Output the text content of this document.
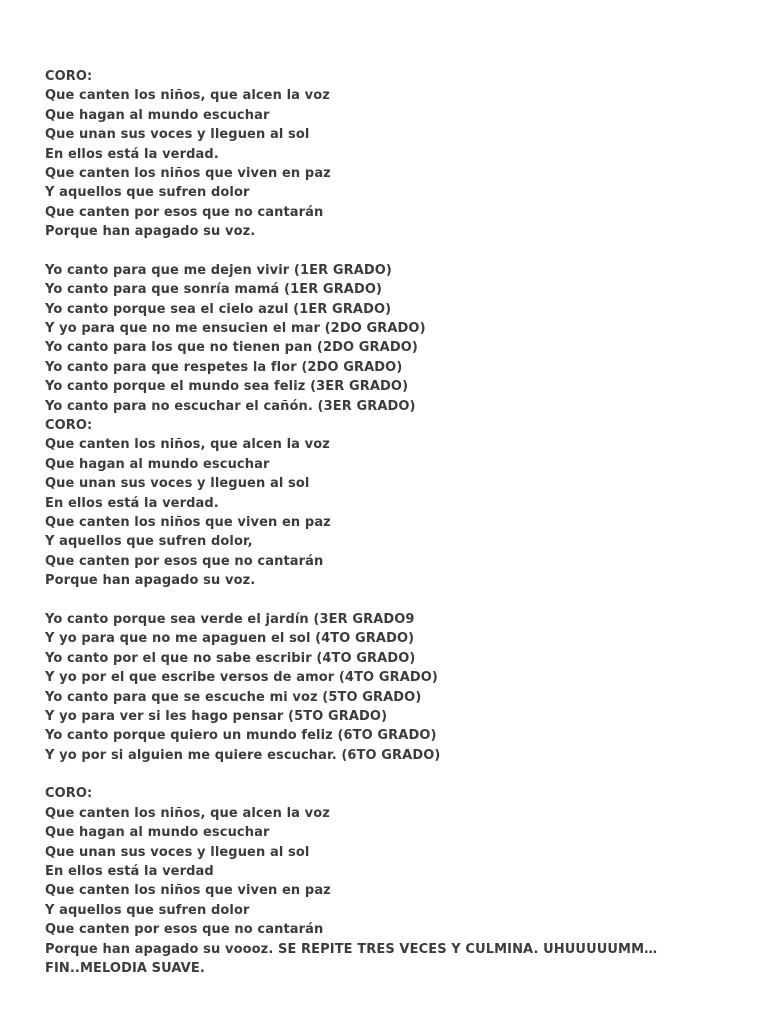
CORO:
Que canten los niños, que alcen la voz
Que hagan al mundo escuchar
Que unan sus voces y lleguen al sol
En ellos está la verdad.
Que canten los niños que viven en paz
Y aquellos que sufren dolor
Que canten por esos que no cantarán
Porque han apagado su voz.
Yo canto para que me dejen vivir (1ER GRADO)
Yo canto para que sonría mamá (1ER GRADO)
Yo canto porque sea el cielo azul (1ER GRADO)
Y yo para que no me ensucien el mar (2DO GRADO)
Yo canto para los que no tienen pan (2DO GRADO)
Yo canto para que respetes la flor (2DO GRADO)
Yo canto porque el mundo sea feliz (3ER GRADO)
Yo canto para no escuchar el cañón. (3ER GRADO)
CORO:
Que canten los niños, que alcen la voz
Que hagan al mundo escuchar
Que unan sus voces y lleguen al sol
En ellos está la verdad.
Que canten los niños que viven en paz
Y aquellos que sufren dolor,
Que canten por esos que no cantarán
Porque han apagado su voz.
Yo canto porque sea verde el jardín (3ER GRADO9
Y yo para que no me apaguen el sol (4TO GRADO)
Yo canto por el que no sabe escribir (4TO GRADO)
Y yo por el que escribe versos de amor (4TO GRADO)
Yo canto para que se escuche mi voz (5TO GRADO)
Y yo para ver si les hago pensar (5TO GRADO)
Yo canto porque quiero un mundo feliz (6TO GRADO)
Y yo por si alguien me quiere escuchar. (6TO GRADO)
CORO:
Que canten los niños, que alcen la voz
Que hagan al mundo escuchar
Que unan sus voces y lleguen al sol
En ellos está la verdad
Que canten los niños que viven en paz
Y aquellos que sufren dolor
Que canten por esos que no cantarán
Porque han apagado su voooz. SE REPITE TRES VECES Y CULMINA. UHUUUUUMM…
FIN..MELODIA SUAVE.
